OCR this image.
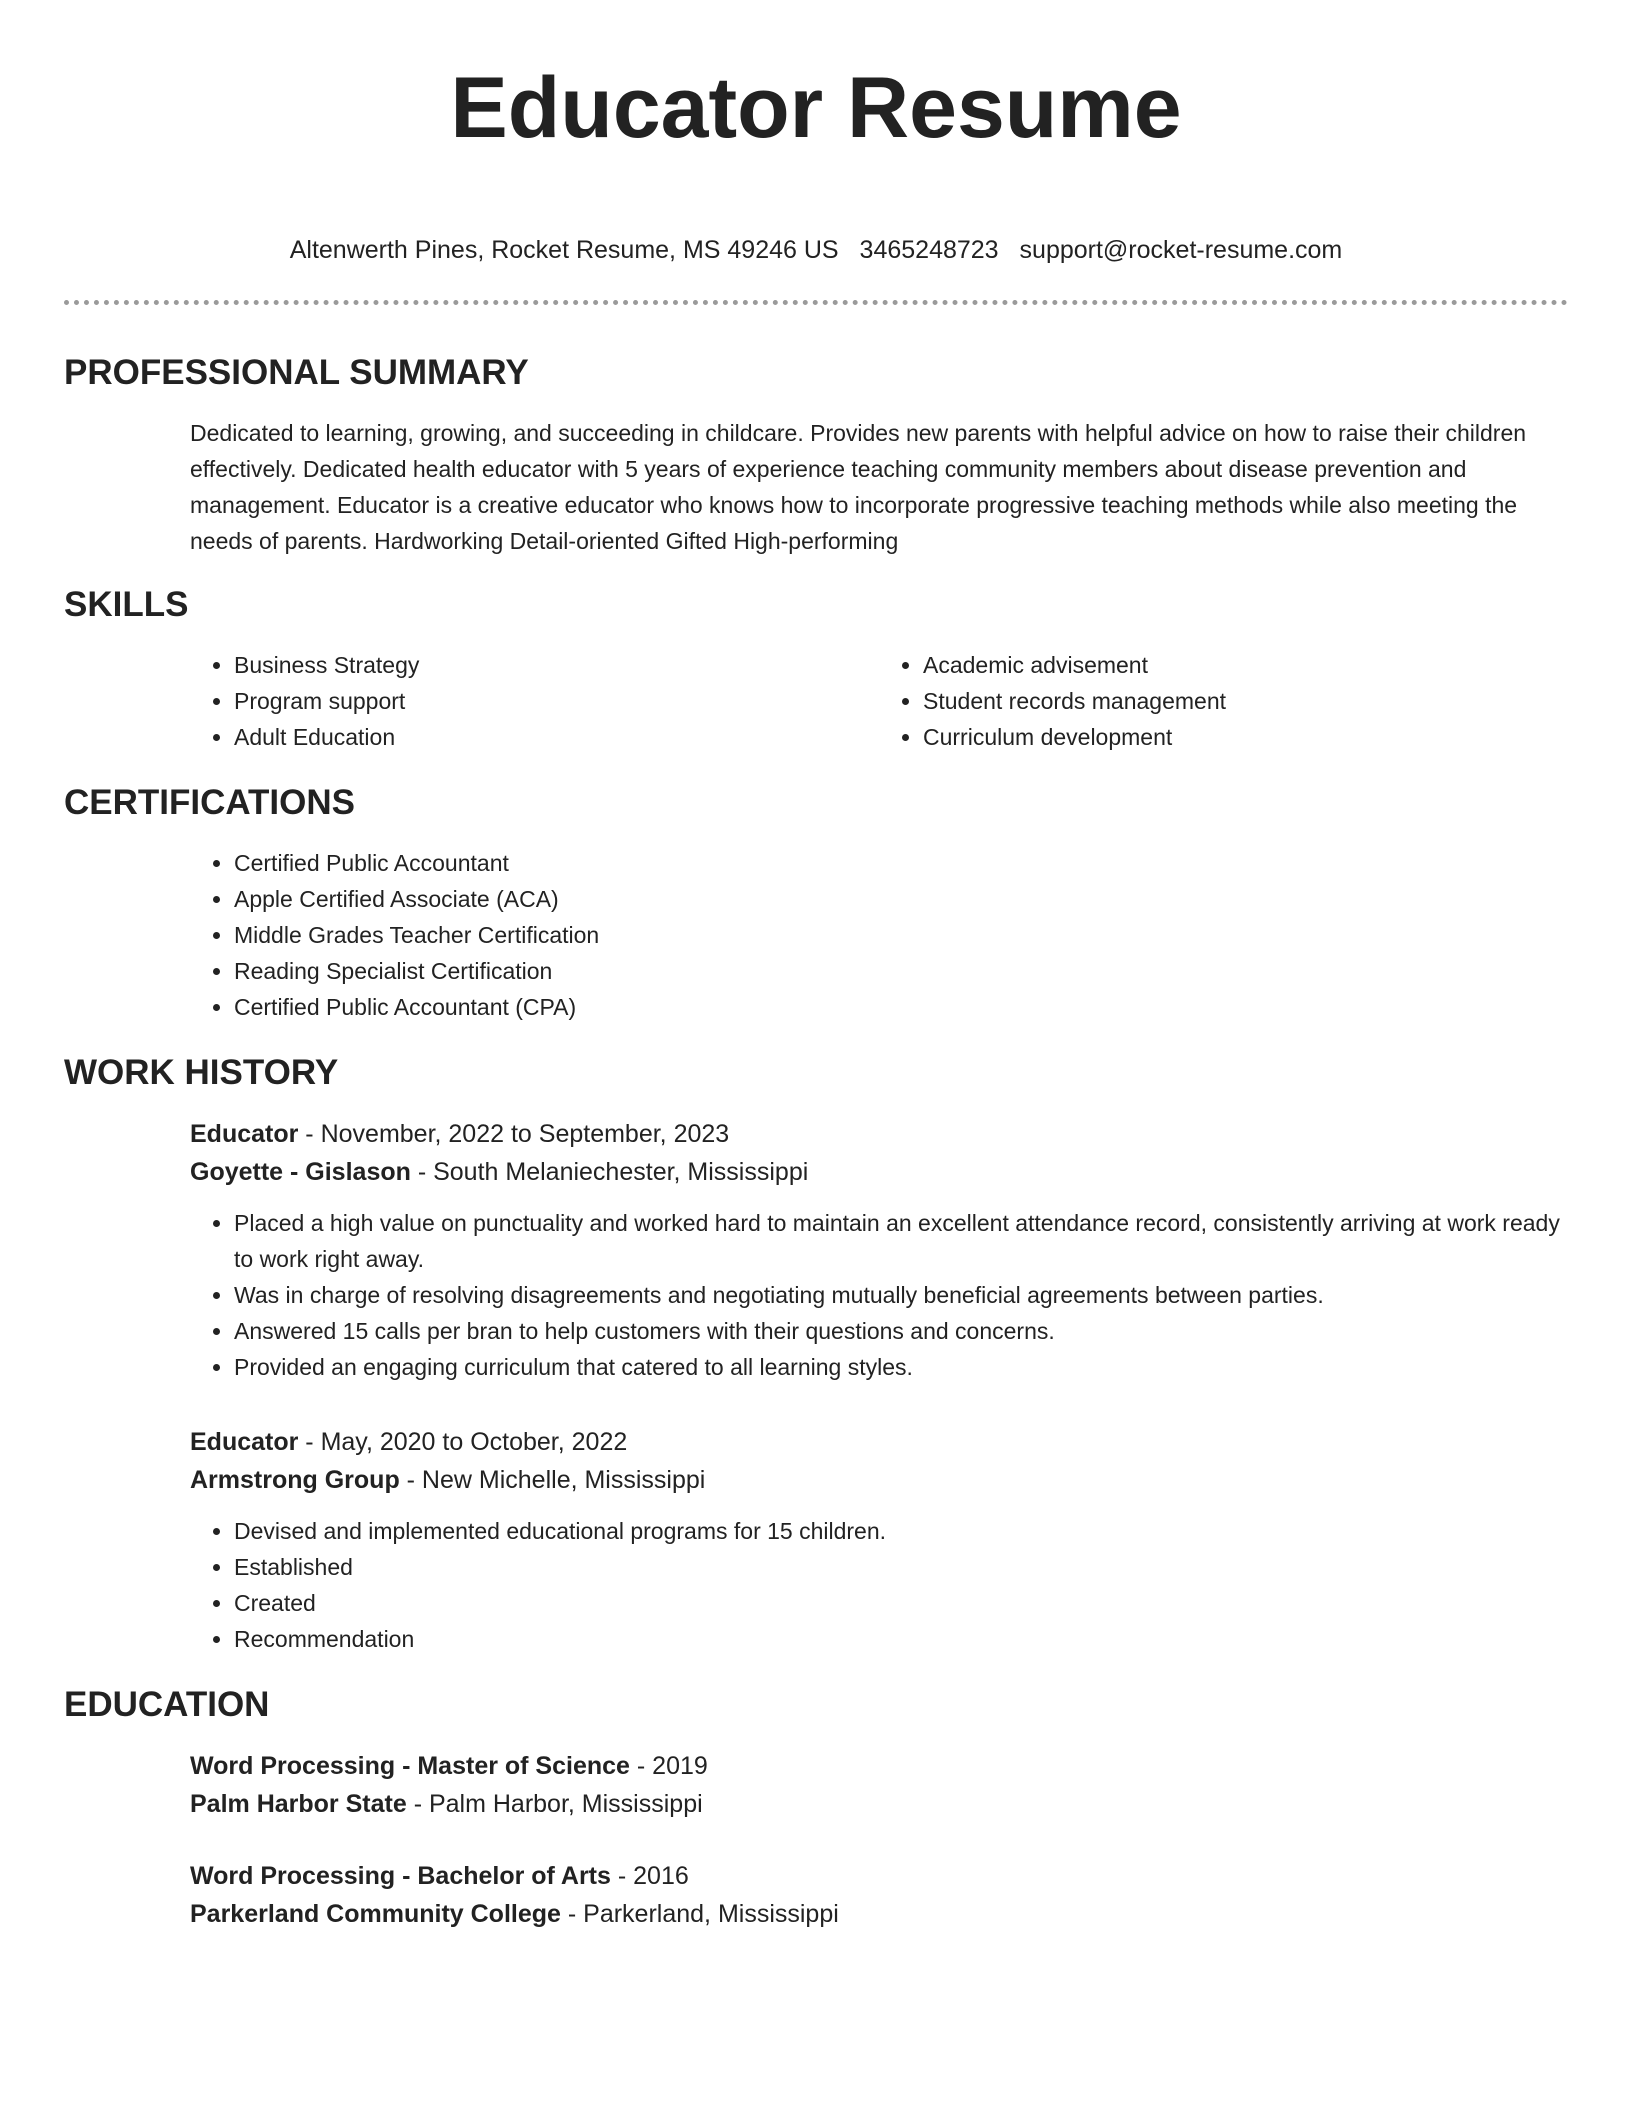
Educator Resume
Altenwerth Pines, Rocket Resume, MS 49246 US 3465248723 support@rocket-resume.com
PROFESSIONAL SUMMARY

Dedicated to learning, growing, and succeeding in childcare. Provides new parents with helpful advice on how to raise their children effectively. Dedicated health educator with 5 years of experience teaching community members about disease prevention and management. Educator is a creative educator who knows how to incorporate progressive teaching methods while also meeting the needs of parents. Hardworking Detail-oriented Gifted High-performing

SKILLS
• Business Strategy
• Program support
• Adult Education
• Academic advisement
• Student records management
• Curriculum development
CERTIFICATIONS
• Certified Public Accountant
• Apple Certified Associate (ACA)
• Middle Grades Teacher Certification
• Reading Specialist Certification
• Certified Public Accountant (CPA)
WORK HISTORY
Educator - November, 2022 to September, 2023
Goyette - Gislason - South Melaniechester, Mississippi
• Placed a high value on punctuality and worked hard to maintain an excellent attendance record, consistently arriving at work ready to work right away.
• Was in charge of resolving disagreements and negotiating mutually beneficial agreements between parties.
• Answered 15 calls per bran to help customers with their questions and concerns.
• Provided an engaging curriculum that catered to all learning styles.
Educator - May, 2020 to October, 2022
Armstrong Group - New Michelle, Mississippi
• Devised and implemented educational programs for 15 children.
• Established
• Created
• Recommendation
EDUCATION
Word Processing - Master of Science - 2019
Palm Harbor State - Palm Harbor, Mississippi
Word Processing - Bachelor of Arts - 2016
Parkerland Community College - Parkerland, Mississippi
